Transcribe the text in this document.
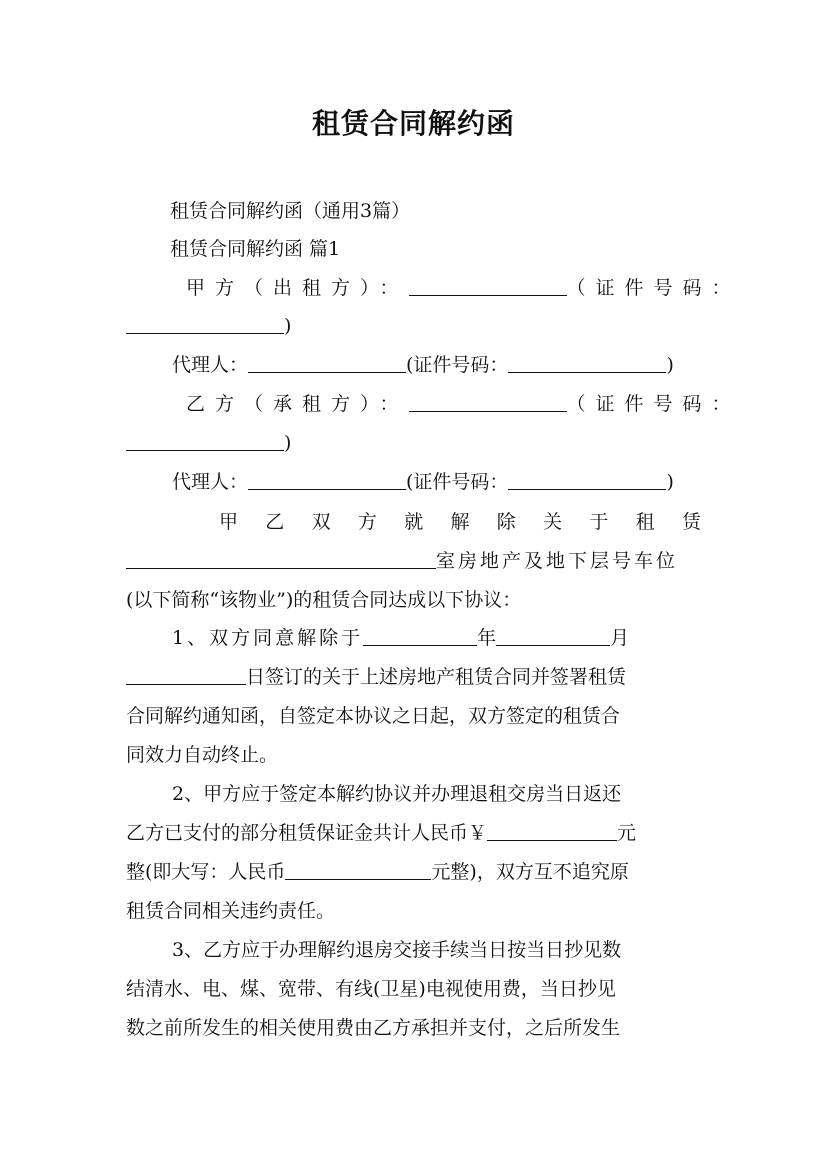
租赁合同解约函
租赁合同解约函（通用3篇）
租赁合同解约函 篇1
甲方（出租方）：	（证件号码：
)
代理人：	(证件号码：	)
乙方（承租方）：	（证件号码：
)
代理人：	(证件号码：	)
甲 乙 双 方 就 解 除 关 于 租 赁
室房地产及地下层号车位
(以下简称“该物业”)的租赁合同达成以下协议：
1、双方同意解除于	年	月
日签订的关于上述房地产租赁合同并签署租赁
合同解约通知函，自签定本协议之日起，双方签定的租赁合
同效力自动终止。
2、甲方应于签定本解约协议并办理退租交房当日返还
乙方已支付的部分租赁保证金共计人民币￥	元
整(即大写：人民币	元整)，双方互不追究原
租赁合同相关违约责任。
3、乙方应于办理解约退房交接手续当日按当日抄见数
结清水、电、煤、宽带、有线(卫星)电视使用费，当日抄见
数之前所发生的相关使用费由乙方承担并支付，之后所发生
